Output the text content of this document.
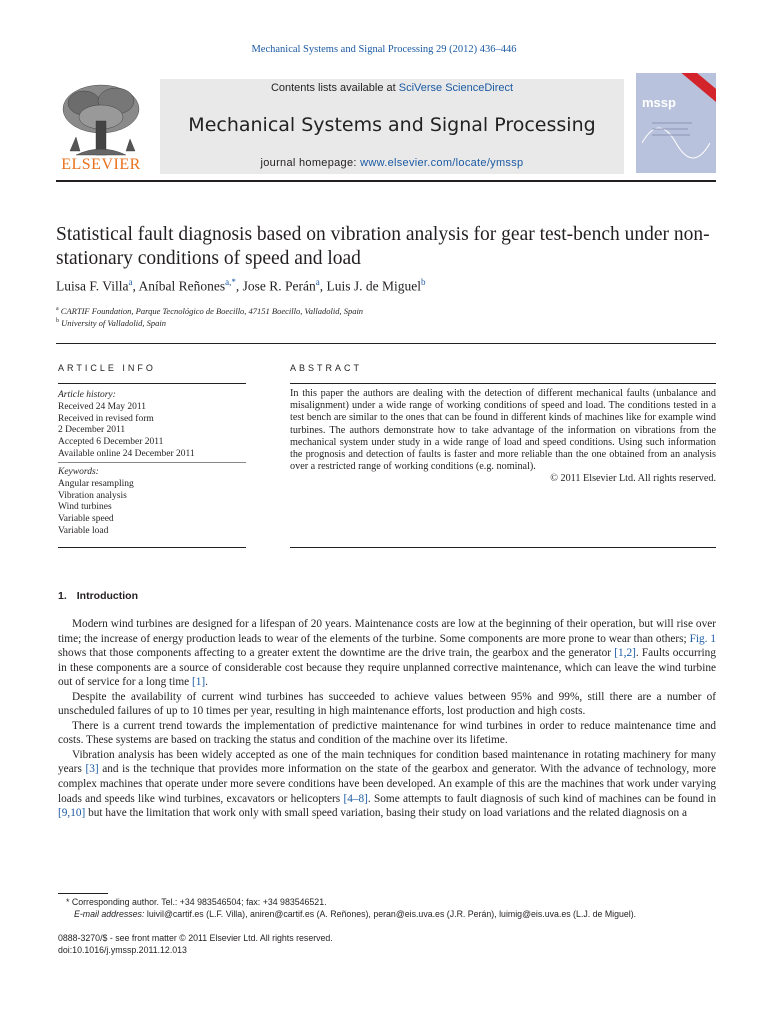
Mechanical Systems and Signal Processing 29 (2012) 436–446
ELSEVIER
Contents lists available at SciVerse ScienceDirect
Mechanical Systems and Signal Processing
journal homepage: www.elsevier.com/locate/ymssp
mssp
Statistical fault diagnosis based on vibration analysis for gear test-bench under non-stationary conditions of speed and load
Luisa F. Villa$^a$, Aníbal Reñones$^{a,*}$, Jose R. Perán$^a$, Luis J. de Miguel$^b$
$^a$ CARTIF Foundation, Parque Tecnológico de Boecillo, 47151 Boecillo, Valladolid, Spain
$^b$ University of Valladolid, Spain
ARTICLE INFO
Article history:
Received 24 May 2011
Received in revised form
2 December 2011
Accepted 6 December 2011
Available online 24 December 2011
Keywords:
Angular resampling
Vibration analysis
Wind turbines
Variable speed
Variable load
ABSTRACT
In this paper the authors are dealing with the detection of different mechanical faults (unbalance and misalignment) under a wide range of working conditions of speed and load. The conditions tested in a test bench are similar to the ones that can be found in different kinds of machines like for example wind turbines. The authors demonstrate how to take advantage of the information on vibrations from the mechanical system under study in a wide range of load and speed conditions. Using such information the prognosis and detection of faults is faster and more reliable than the one obtained from an analysis over a restricted range of working conditions (e.g. nominal).
© 2011 Elsevier Ltd. All rights reserved.
1. Introduction

Modern wind turbines are designed for a lifespan of 20 years. Maintenance costs are low at the beginning of their operation, but will rise over time; the increase of energy production leads to wear of the elements of the turbine. Some components are more prone to wear than others; Fig. 1 shows that those components affecting to a greater extent the downtime are the drive train, the gearbox and the generator [1,2]. Faults occurring in these components are a source of considerable cost because they require unplanned corrective maintenance, which can leave the wind turbine out of service for a long time [1].

Despite the availability of current wind turbines has succeeded to achieve values between 95% and 99%, still there are a number of unscheduled failures of up to 10 times per year, resulting in high maintenance efforts, lost production and high costs.

There is a current trend towards the implementation of predictive maintenance for wind turbines in order to reduce maintenance time and costs. These systems are based on tracking the status and condition of the machine over its lifetime.

Vibration analysis has been widely accepted as one of the main techniques for condition based maintenance in rotating machinery for many years [3] and is the technique that provides more information on the state of the gearbox and generator. With the advance of technology, more complex machines that operate under more severe conditions have been developed. An example of this are the machines that work under varying loads and speeds like wind turbines, excavators or helicopters [4–8]. Some attempts to fault diagnosis of such kind of machines can be found in [9,10] but have the limitation that work only with small speed variation, basing their study on load variations and the related diagnosis on a

* Corresponding author. Tel.: +34 983546504; fax: +34 983546521.
E-mail addresses: luivil@cartif.es (L.F. Villa), aniren@cartif.es (A. Reñones), peran@eis.uva.es (J.R. Perán), luimig@eis.uva.es (L.J. de Miguel).
0888-3270/$ - see front matter © 2011 Elsevier Ltd. All rights reserved.
doi:10.1016/j.ymssp.2011.12.013
